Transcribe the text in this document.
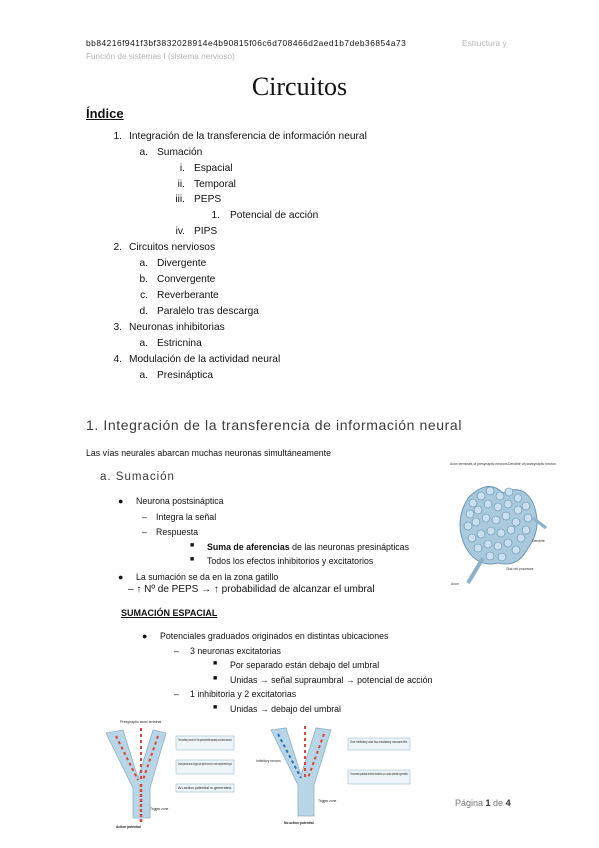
bb84216f941f3bf3832028914e4b90815f06c6d708466d2aed1b7deb36854a73	Estructura y
Función de sistemas I (sistema nervioso)
Circuitos
Índice
1. Integración de la transferencia de información neural
a. Sumación
i. Espacial
ii. Temporal
iii. PEPS
1. Potencial de acción
iv. PIPS
2. Circuitos nerviosos
a. Divergente
b. Convergente
c. Reverberante
d. Paralelo tras descarga
3. Neuronas inhibitorias
a. Estricnina
4. Modulación de la actividad neural
a. Presináptica
1. Integración de la transferencia de información neural
Las vías neurales abarcan muchas neuronas simultáneamente
a. Sumación
● Neurona postsináptica
– Integra la señal
– Respuesta
■ Suma de aferencias de las neuronas presinápticas
■ Todos los efectos inhibitorios y excitatorios
● La sumación se da en la zona gatillo
– ↑ Nº de PEPS → ↑ probabilidad de alcanzar el umbral
SUMACIÓN ESPACIAL
● Potenciales graduados originados en distintas ubicaciones
– 3 neuronas excitatorias
■ Por separado están debajo del umbral
■ Unidas → señal supraumbral → potencial de acción
– 1 inhibitoria y 2 excitatorias
■ Unidas → debajo del umbral
Axon terminals of presynaptic neurons Dendrite of postsynaptic neuron
Dendrite
Glial cell processes
Axon
Presynaptic axon terminal
Three excitatory neurons fire. Their graded potentials separately are all below threshold.
Graded potentials arrive at trigger zone together and sum to create a suprathreshold signal.
An action potential is generated.
Trigger zone
Action potential
Inhibitory neuron
One inhibitory and two excitatory neurons fire.
The summed potentials are below threshold, so no action potential is generated.
Trigger zone
No action potential
Página 1 de 4
